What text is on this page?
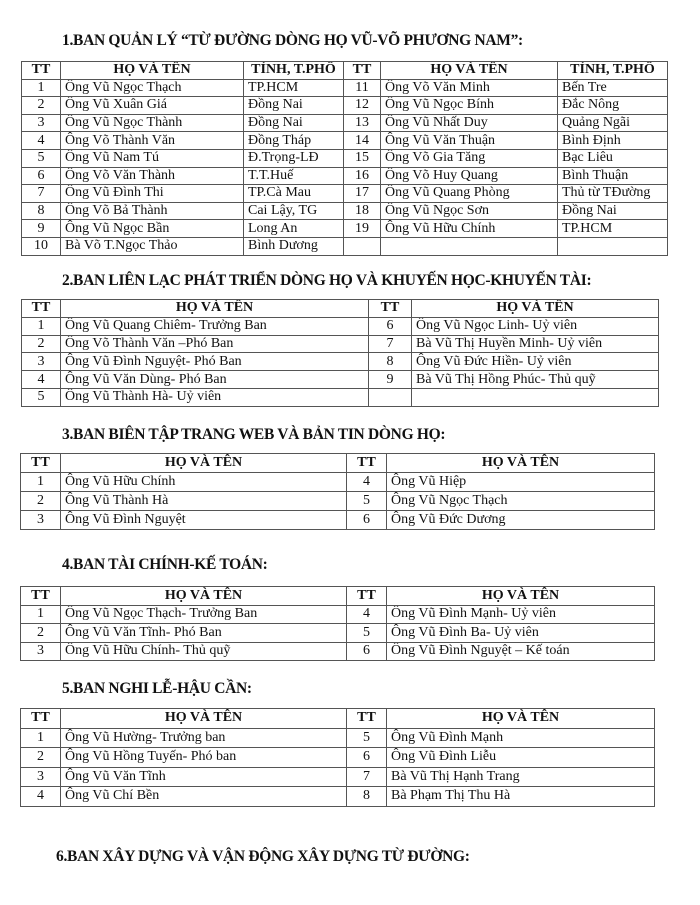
1.BAN QUẢN LÝ “TỪ ĐƯỜNG DÒNG HỌ VŨ-VÕ PHƯƠNG NAM”:
TT	HỌ VÀ TÊN	TỈNH, T.PHỐ	TT	HỌ VÀ TÊN	TỈNH, T.PHỐ
1	Ông Vũ Ngọc Thạch	TP.HCM	11	Ông Võ Văn Minh	Bến Tre
2	Ông Vũ Xuân Giá	Đồng Nai	12	Ông Vũ Ngọc Bính	Đắc Nông
3	Ông Vũ Ngọc Thành	Đồng Nai	13	Ông Vũ Nhất Duy	Quảng Ngãi
4	Ông Võ Thành Văn	Đồng Tháp	14	Ông Vũ Văn Thuận	Bình Định
5	Ông Vũ Nam Tú	Đ.Trọng-LĐ	15	Ông Võ Gia Tăng	Bạc Liêu
6	Ông Võ Văn Thành	T.T.Huế	16	Ông Võ Huy Quang	Bình Thuận
7	Ông Vũ Đình Thi	TP.Cà Mau	17	Ông Vũ Quang Phòng	Thủ từ TĐường
8	Ông Võ Bả Thành	Cai Lậy, TG	18	Ông Vũ Ngọc Sơn	Đồng Nai
9	Ông Vũ Ngọc Bần	Long An	19	Ông Vũ Hữu Chính	TP.HCM
10	Bà Võ T.Ngọc Thảo	Bình Dương			
2.BAN LIÊN LẠC PHÁT TRIỂN DÒNG HỌ VÀ KHUYẾN HỌC-KHUYẾN TÀI:
TT	HỌ VÀ TÊN	TT	HỌ VÀ TÊN
1	Ông Vũ Quang Chiêm- Trưởng Ban	6	Ông Vũ Ngọc Linh- Uỷ viên
2	Ông Võ Thành Văn –Phó Ban	7	Bà Vũ Thị Huyền Minh- Uỷ viên
3	Ông Vũ Đình Nguyệt- Phó Ban	8	Ông Vũ Đức Hiền- Uỷ viên
4	Ông Vũ Văn Dùng- Phó Ban	9	Bà Vũ Thị Hồng Phúc- Thủ quỹ
5	Ông Vũ Thành Hà- Uỷ viên		
3.BAN BIÊN TẬP TRANG WEB VÀ BẢN TIN DÒNG HỌ:
TT	HỌ VÀ TÊN	TT	HỌ VÀ TÊN
1	Ông Vũ Hữu Chính	4	Ông Vũ Hiệp
2	Ông Vũ Thành Hà	5	Ông Vũ Ngọc Thạch
3	Ông Vũ Đình Nguyệt	6	Ông Vũ Đức Dương
4.BAN TÀI CHÍNH-KẾ TOÁN:
TT	HỌ VÀ TÊN	TT	HỌ VÀ TÊN
1	Ông Vũ Ngọc Thạch- Trưởng Ban	4	Ông Vũ Đình Mạnh- Uỷ viên
2	Ông Vũ Văn Tĩnh- Phó Ban	5	Ông Vũ Đình Ba- Uỷ viên
3	Ông Vũ Hữu Chính- Thủ quỹ	6	Ông Vũ Đình Nguyệt – Kế toán
5.BAN NGHI LỄ-HẬU CẦN:
TT	HỌ VÀ TÊN	TT	HỌ VÀ TÊN
1	Ông Vũ Hường- Trưởng ban	5	Ông Vũ Đình Mạnh
2	Ông Vũ Hồng Tuyến- Phó ban	6	Ông Vũ Đình Liễu
3	Ông Vũ Văn Tĩnh	7	Bà Vũ Thị Hạnh Trang
4	Ông Vũ Chí Bền	8	Bà Phạm Thị Thu Hà
6.BAN XÂY DỰNG VÀ VẬN ĐỘNG XÂY DỰNG TỪ ĐƯỜNG:
